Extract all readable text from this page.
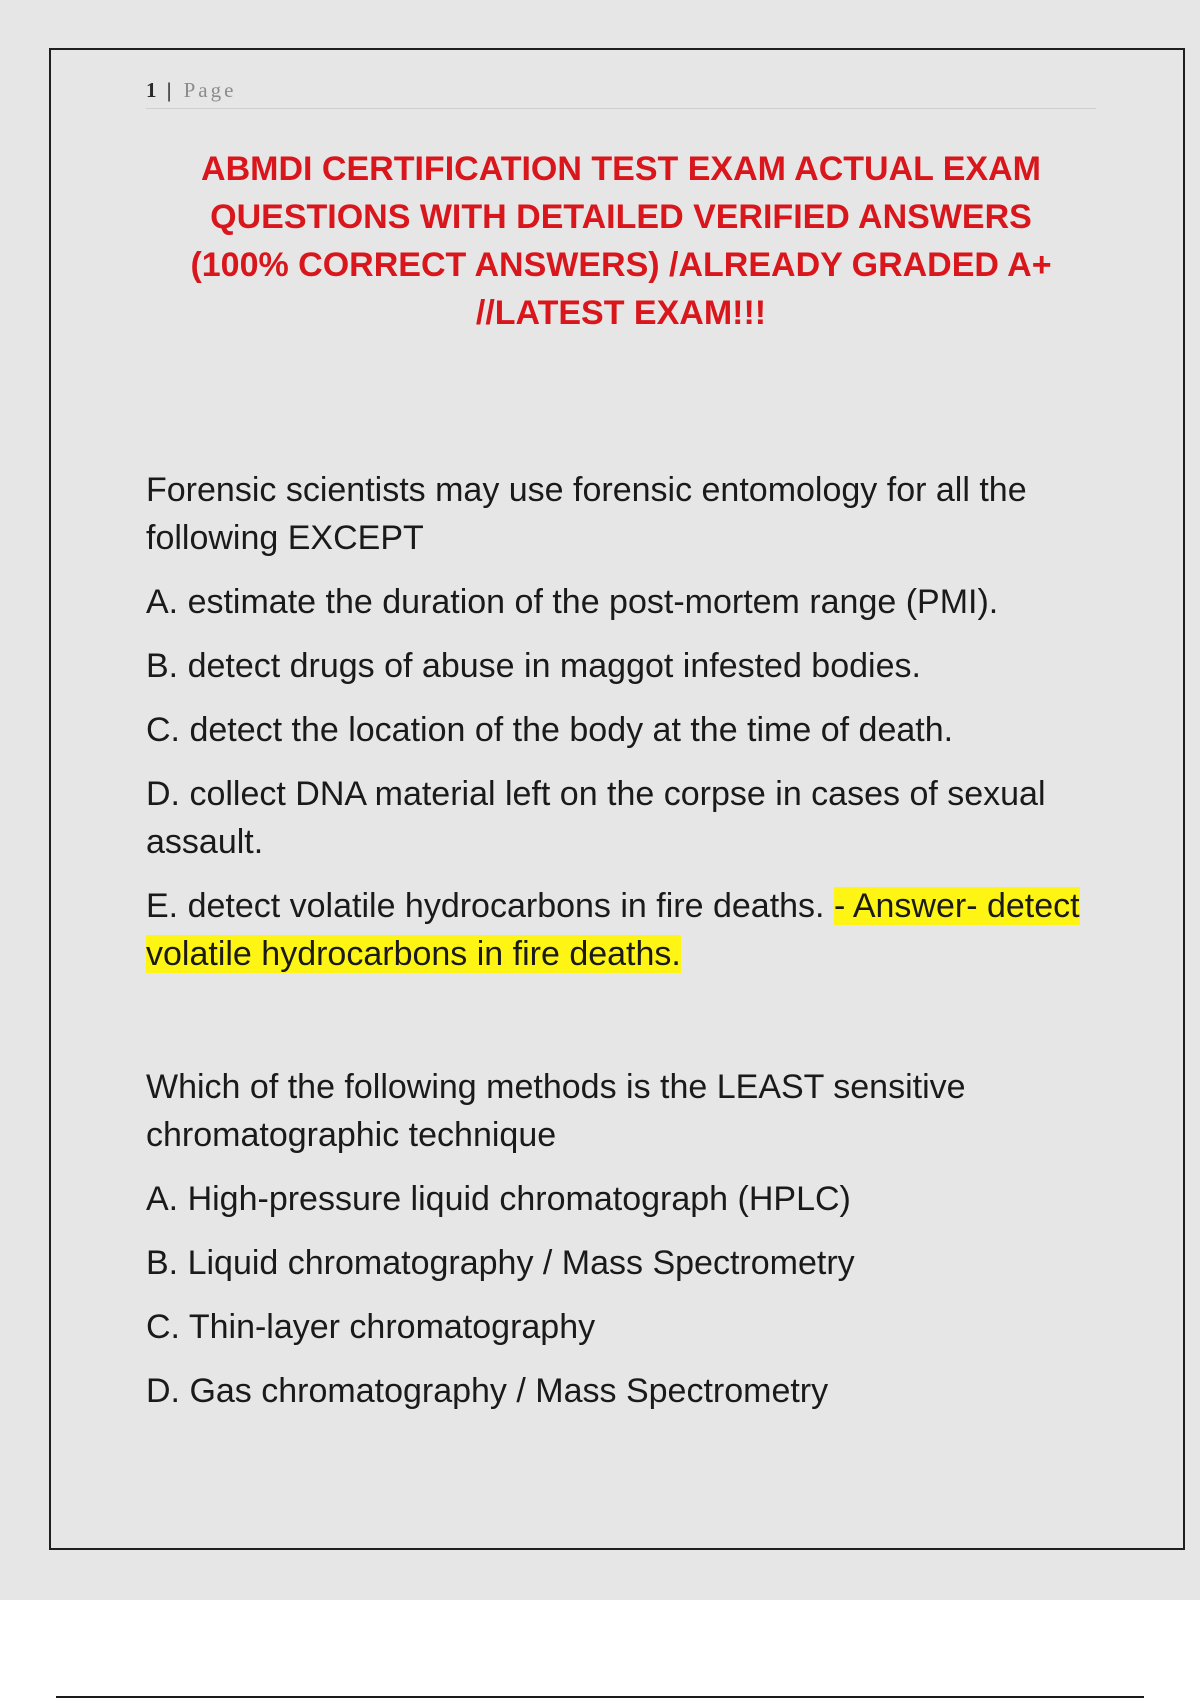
1 | Page
ABMDI CERTIFICATION TEST EXAM ACTUAL EXAM
QUESTIONS WITH DETAILED VERIFIED ANSWERS
(100% CORRECT ANSWERS) /ALREADY GRADED A+
//LATEST EXAM!!!

Forensic scientists may use forensic entomology for all the following EXCEPT

A. estimate the duration of the post-mortem range (PMI).

B. detect drugs of abuse in maggot infested bodies.

C. detect the location of the body at the time of death.

D. collect DNA material left on the corpse in cases of sexual assault.

E. detect volatile hydrocarbons in fire deaths. - Answer- detect volatile hydrocarbons in fire deaths.

Which of the following methods is the LEAST sensitive chromatographic technique

A. High-pressure liquid chromatograph (HPLC)

B. Liquid chromatography / Mass Spectrometry

C. Thin-layer chromatography

D. Gas chromatography / Mass Spectrometry
